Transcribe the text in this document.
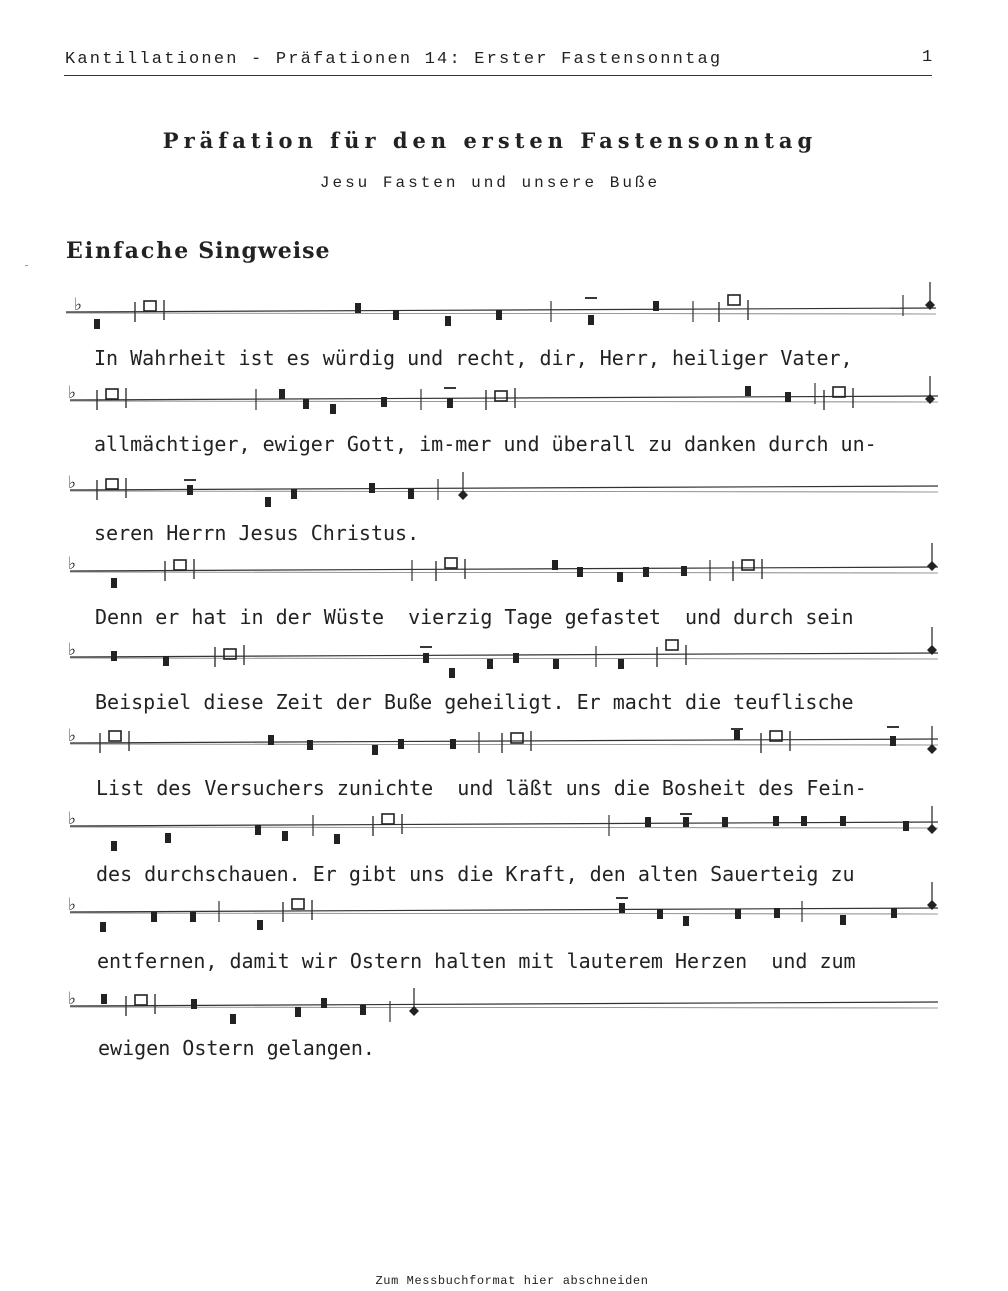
Kantillationen - Präfationen 14: Erster Fastensonntag	1
Präfation für den ersten Fastensonntag
Jesu Fasten und unsere Buße
Einfache Singweise
♭
♭
♭
♭
♭
♭
♭
♭
♭
In Wahrheit ist es würdig und recht, dir, Herr, heiliger Vater,
allmächtiger, ewiger Gott, im-mer und überall zu danken durch un-
seren Herrn Jesus Christus.
Denn er hat in der Wüste  vierzig Tage gefastet  und durch sein
Beispiel diese Zeit der Buße geheiligt. Er macht die teuflische
List des Versuchers zunichte  und läßt uns die Bosheit des Fein-
des durchschauen. Er gibt uns die Kraft, den alten Sauerteig zu
entfernen, damit wir Ostern halten mit lauterem Herzen  und zum
ewigen Ostern gelangen.
Zum Messbuchformat hier abschneiden
